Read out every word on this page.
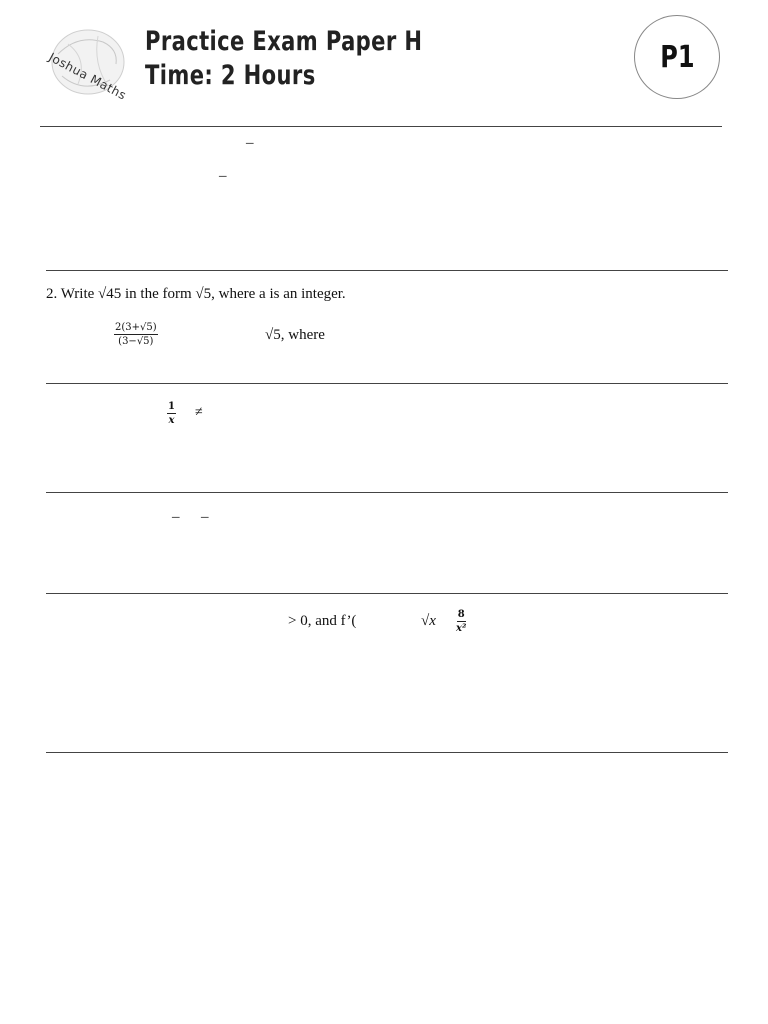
Joshua Maths
Practice Exam Paper H
Time: 2 Hours
P1
–
–
2. Write √45 in the form √5, where a is an integer.
$\frac{2(3+√5)}{(3-√5)}$	√5, where
$\frac{1}{x}$ ≠
– –
> 0, and f’(	$√x \frac{8}{\text{x²}}$
